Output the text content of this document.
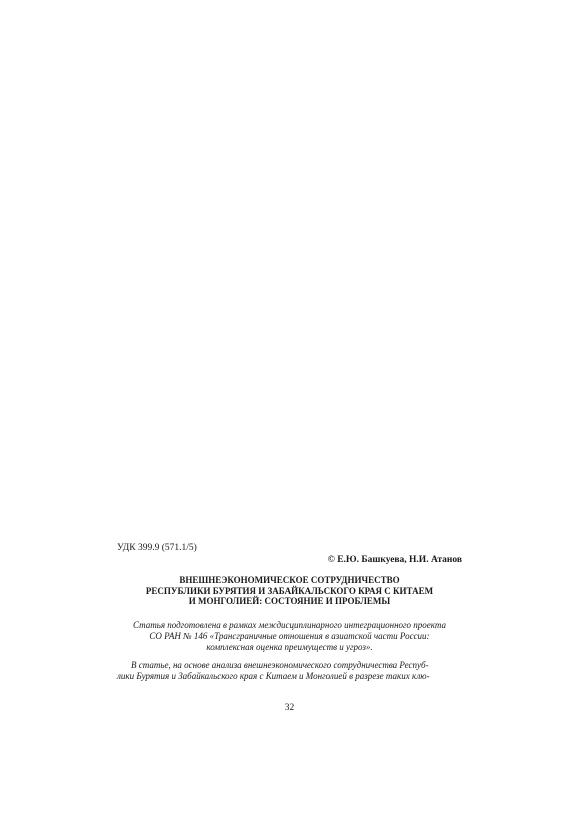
УДК 399.9 (571.1/5)
© Е.Ю. Башкуева, Н.И. Атанов
ВНЕШНЕЭКОНОМИЧЕСКОЕ СОТРУДНИЧЕСТВО
РЕСПУБЛИКИ БУРЯТИЯ И ЗАБАЙКАЛЬСКОГО КРАЯ С КИТАЕМ
И МОНГОЛИЕЙ: СОСТОЯНИЕ И ПРОБЛЕМЫ
Статья подготовлена в рамках междисциплинарного интеграционного проекта
СО РАН № 146 «Трансграничные отношения в азиатской части России:
комплексная оценка преимуществ и угроз».
В статье, на основе анализа внешнеэкономического сотрудничества Респуб-
лики Бурятия и Забайкальского края с Китаем и Монголией в разрезе таких клю-
32
